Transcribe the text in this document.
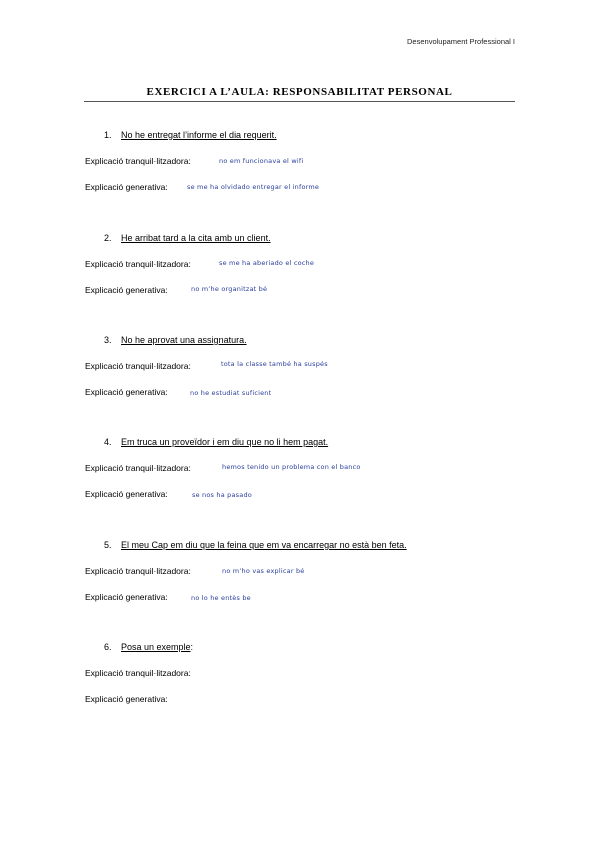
Desenvolupament Professional I
EXERCICI A L’AULA: RESPONSABILITAT PERSONAL
1. No he entregat l’informe el dia requerit.
Explicació tranquil·litzadora:	no em funcionava el wifi
Explicació generativa:	se me ha olvidado entregar el informe
2. He arribat tard a la cita amb un client.
Explicació tranquil·litzadora:	se me ha aberiado el coche
Explicació generativa:	no m’he organitzat bé
3. No he aprovat una assignatura.
Explicació tranquil·litzadora:	tota la classe també ha suspés
Explicació generativa:	no he estudiat suficient
4. Em truca un proveïdor i em diu que no li hem pagat.
Explicació tranquil·litzadora:	hemos tenido un problema con el banco
Explicació generativa:	se nos ha pasado
5. El meu Cap em diu que la feina que em va encarregar no està ben feta.
Explicació tranquil·litzadora:	no m’ho vas explicar bé
Explicació generativa:	no lo he entès be
6. Posa un exemple:
Explicació tranquil·litzadora:
Explicació generativa:
